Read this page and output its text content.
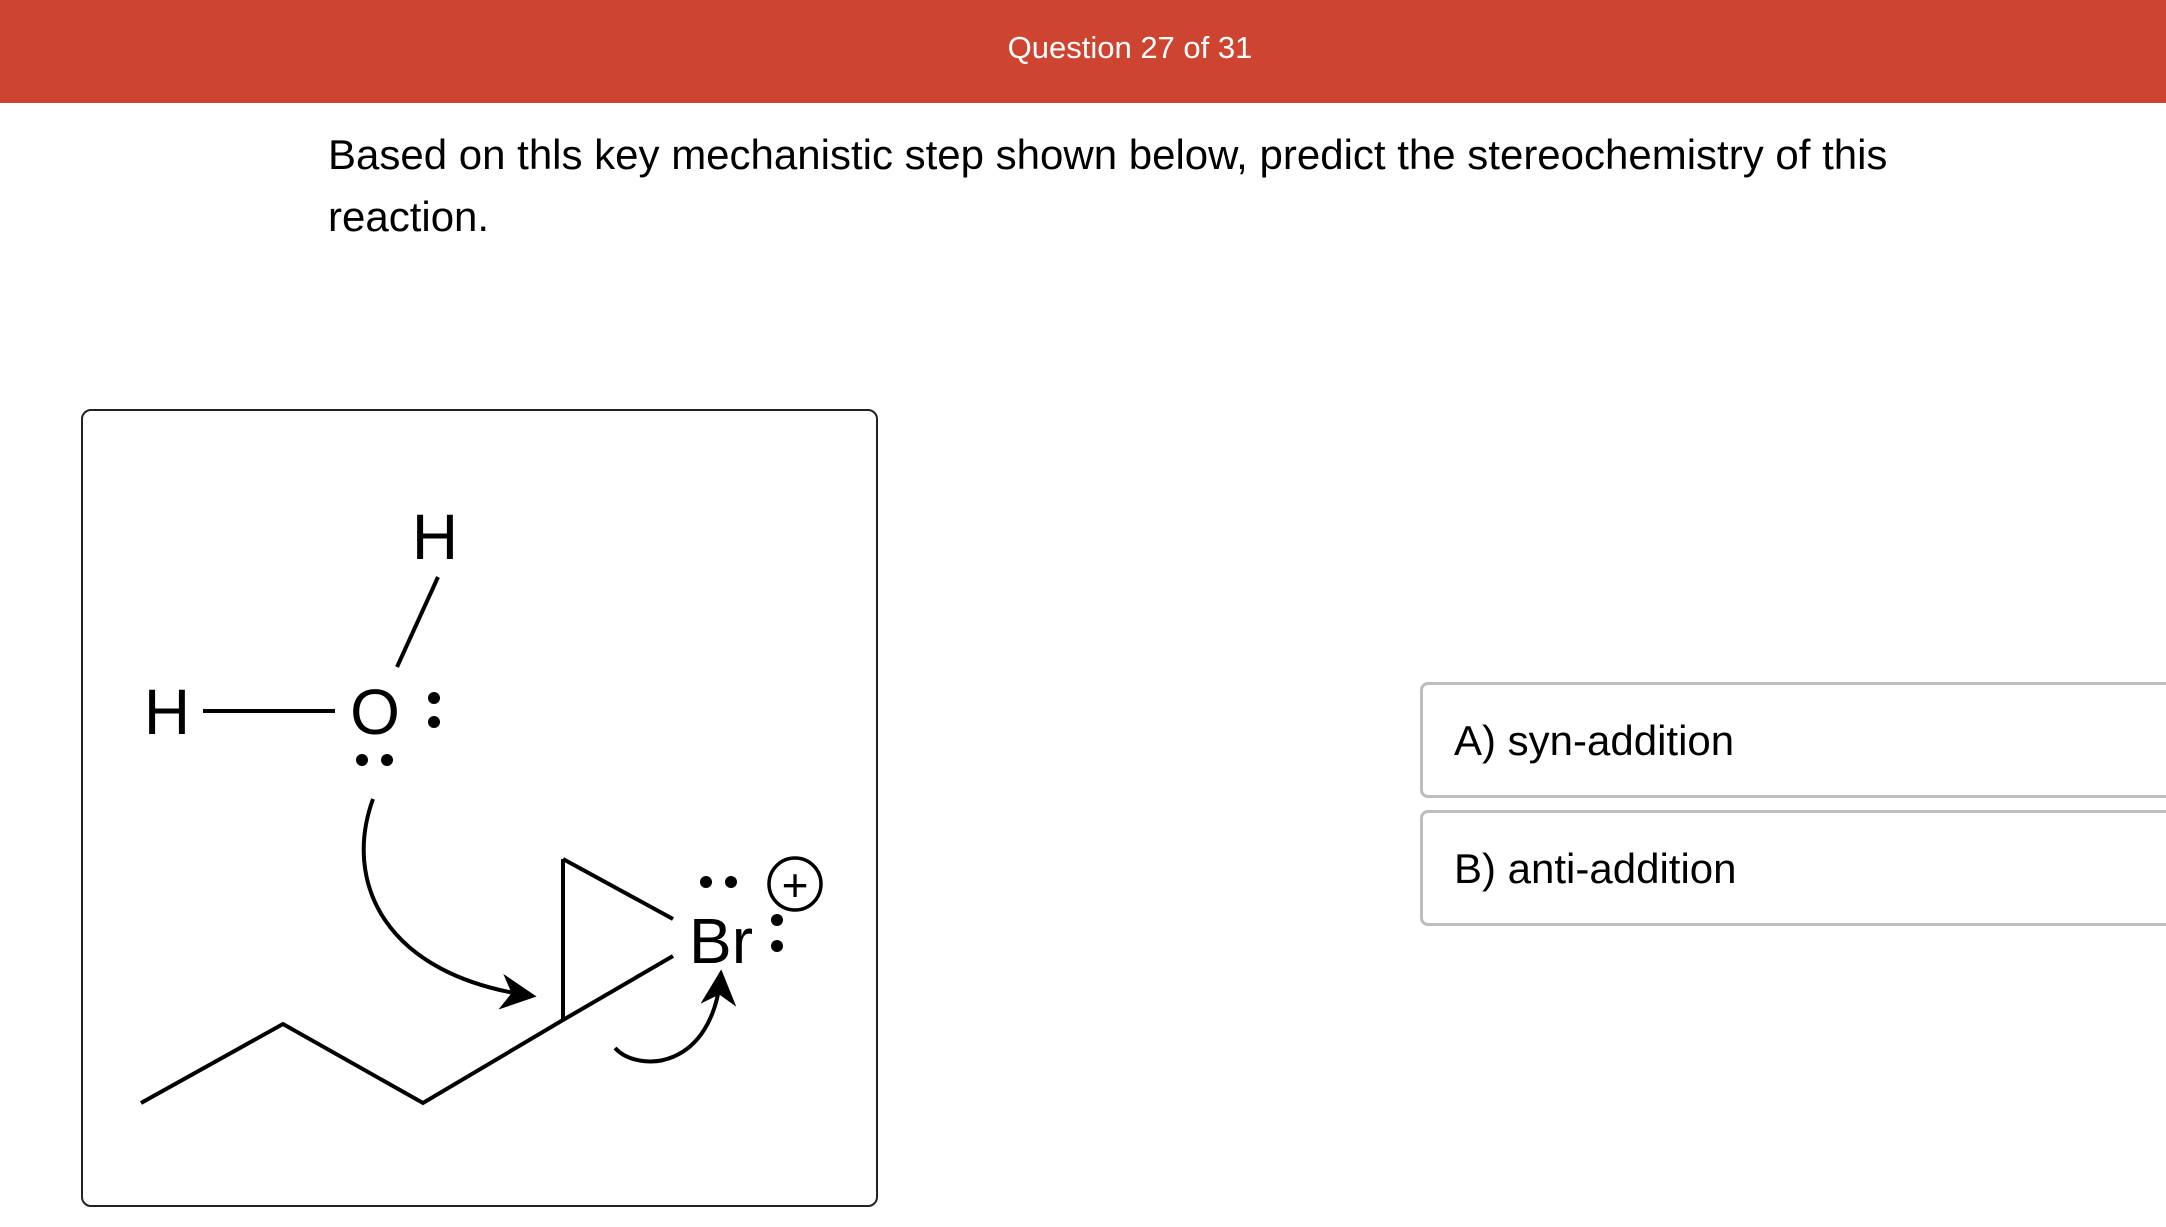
Question 27 of 31
Based on thls key mechanistic step shown below, predict the stereochemistry of this reaction.
H
H	O
Br
+
A) syn-addition
B) anti-addition
